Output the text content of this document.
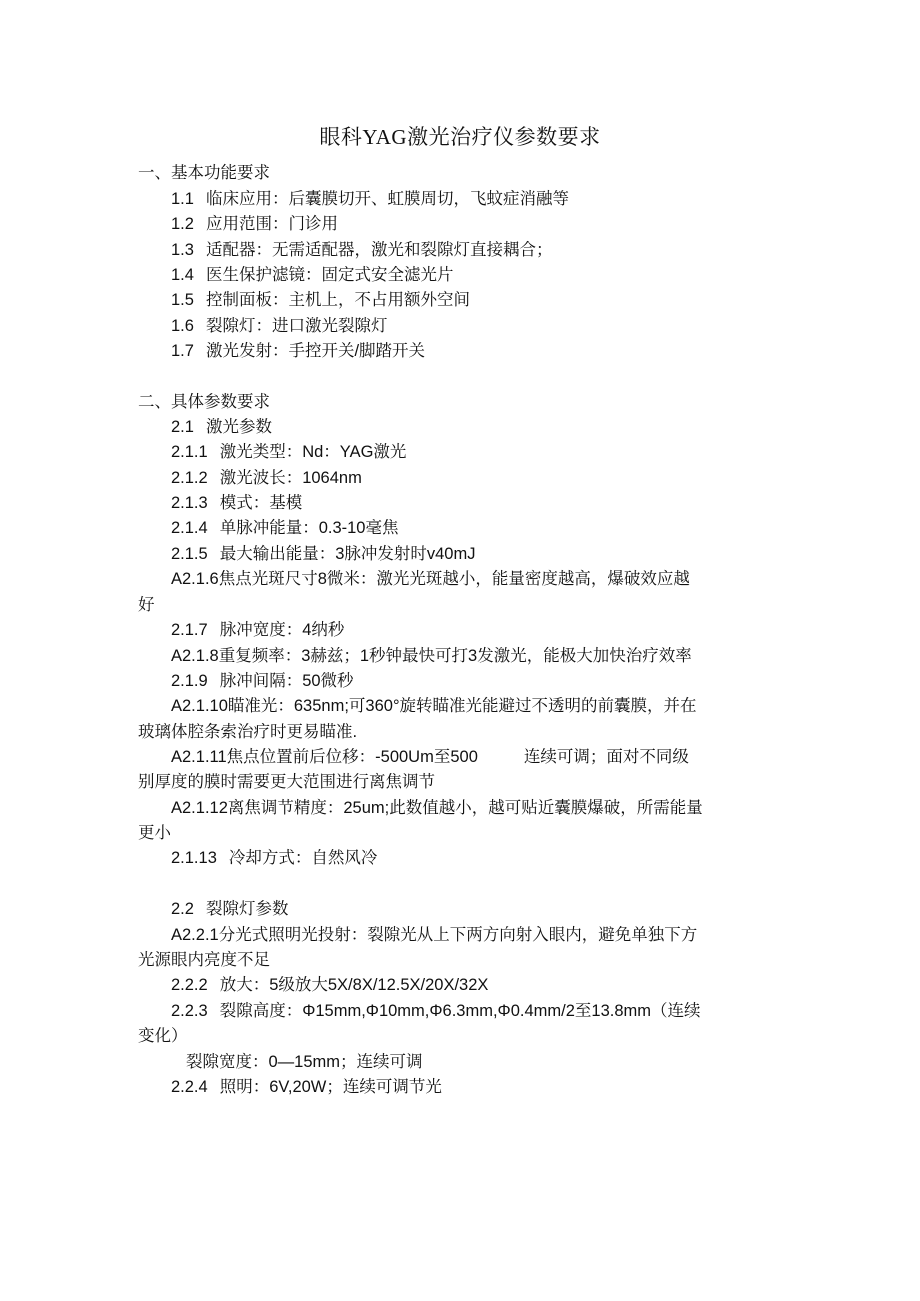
眼科YAG激光治疗仪参数要求
一、基本功能要求
1.1 临床应用：后囊膜切开、虹膜周切，飞蚊症消融等
1.2 应用范围：门诊用
1.3 适配器：无需适配器，激光和裂隙灯直接耦合；
1.4 医生保护滤镜：固定式安全滤光片
1.5 控制面板：主机上，不占用额外空间
1.6 裂隙灯：进口激光裂隙灯
1.7 激光发射：手控开关/脚踏开关
二、具体参数要求
2.1 激光参数
2.1.1 激光类型：Nd：YAG激光
2.1.2 激光波长：1064nm
2.1.3 模式：基模
2.1.4 单脉冲能量：0.3-10毫焦
2.1.5 最大输出能量：3脉冲发射时v40mJ
A2.1.6焦点光斑尺寸8微米：激光光斑越小，能量密度越高，爆破效应越
好
2.1.7 脉冲宽度：4纳秒
A2.1.8重复频率：3赫兹；1秒钟最快可打3发激光，能极大加快治疗效率
2.1.9 脉冲间隔：50微秒
A2.1.10瞄准光：635nm;可360°旋转瞄准光能避过不透明的前囊膜，并在
玻璃体腔条索治疗时更易瞄准.
A2.1.11焦点位置前后位移：-500Um至500	连续可调；面对不同级
别厚度的膜时需要更大范围进行离焦调节
A2.1.12离焦调节精度：25um;此数值越小，越可贴近囊膜爆破，所需能量
更小
2.1.13 冷却方式：自然风冷
2.2 裂隙灯参数
A2.2.1分光式照明光投射：裂隙光从上下两方向射入眼内，避免单独下方
光源眼内亮度不足
2.2.2 放大：5级放大5X/8X/12.5X/20X/32X
2.2.3 裂隙高度：Φ15mm,Φ10mm,Φ6.3mm,Φ0.4mm/2至13.8mm（连续
变化）
裂隙宽度：0—15mm；连续可调
2.2.4 照明：6V,20W；连续可调节光
